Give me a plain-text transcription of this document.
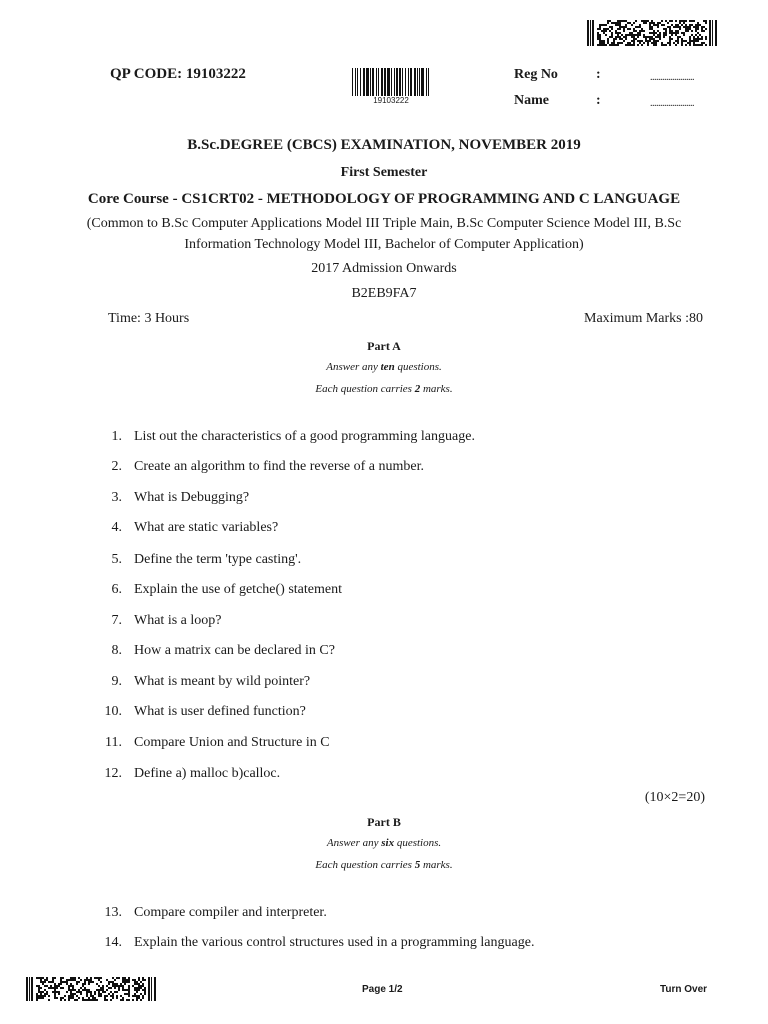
QP CODE: 19103222
19103222
Reg No	:	......................
Name	:	......................
B.Sc.DEGREE (CBCS) EXAMINATION, NOVEMBER 2019
First Semester
Core Course - CS1CRT02 - METHODOLOGY OF PROGRAMMING AND C LANGUAGE
(Common to B.Sc Computer Applications Model III Triple Main, B.Sc Computer Science Model III, B.Sc
Information Technology Model III, Bachelor of Computer Application)
2017 Admission Onwards
B2EB9FA7
Time: 3 Hours	Maximum Marks :80
Part A
Answer any ten questions.
Each question carries 2 marks.
1. List out the characteristics of a good programming language.
2. Create an algorithm to find the reverse of a number.
3. What is Debugging?
4. What are static variables?
5. Define the term 'type casting'.
6. Explain the use of getche() statement
7. What is a loop?
8. How a matrix can be declared in C?
9. What is meant by wild pointer?
10. What is user defined function?
11. Compare Union and Structure in C
12. Define a) malloc b)calloc.
(10×2=20)
Part B
Answer any six questions.
Each question carries 5 marks.
13. Compare compiler and interpreter.
14. Explain the various control structures used in a programming language.
Page 1/2	Turn Over
